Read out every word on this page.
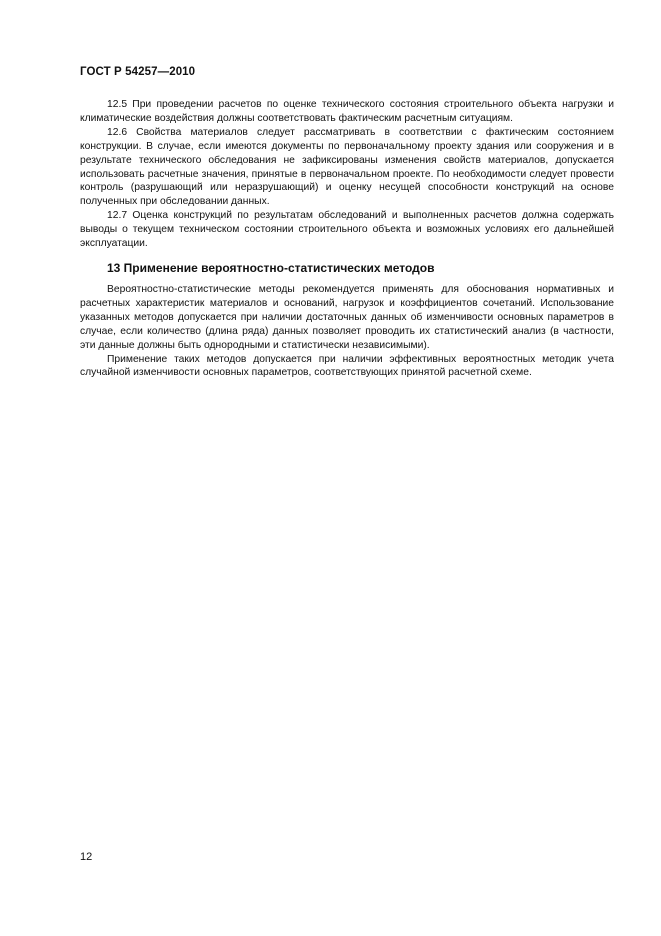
ГОСТ Р 54257—2010

12.5 При проведении расчетов по оценке технического состояния строительного объекта нагрузки и климатические воздействия должны соответствовать фактическим расчетным ситуациям.

12.6 Свойства материалов следует рассматривать в соответствии с фактическим состоянием конструкции. В случае, если имеются документы по первоначальному проекту здания или сооружения и в результате технического обследования не зафиксированы изменения свойств материалов, допускается использовать расчетные значения, принятые в первоначальном проекте. По необходимости следует провести контроль (разрушающий или неразрушающий) и оценку несущей способности конструкций на основе полученных при обследовании данных.

12.7 Оценка конструкций по результатам обследований и выполненных расчетов должна содержать выводы о текущем техническом состоянии строительного объекта и возможных условиях его дальнейшей эксплуатации.

13 Применение вероятностно-статистических методов

Вероятностно-статистические методы рекомендуется применять для обоснования нормативных и расчетных характеристик материалов и оснований, нагрузок и коэффициентов сочетаний. Использование указанных методов допускается при наличии достаточных данных об изменчивости основных параметров в случае, если количество (длина ряда) данных позволяет проводить их статистический анализ (в частности, эти данные должны быть однородными и статистически независимыми).

Применение таких методов допускается при наличии эффективных вероятностных методик учета случайной изменчивости основных параметров, соответствующих принятой расчетной схеме.

12
